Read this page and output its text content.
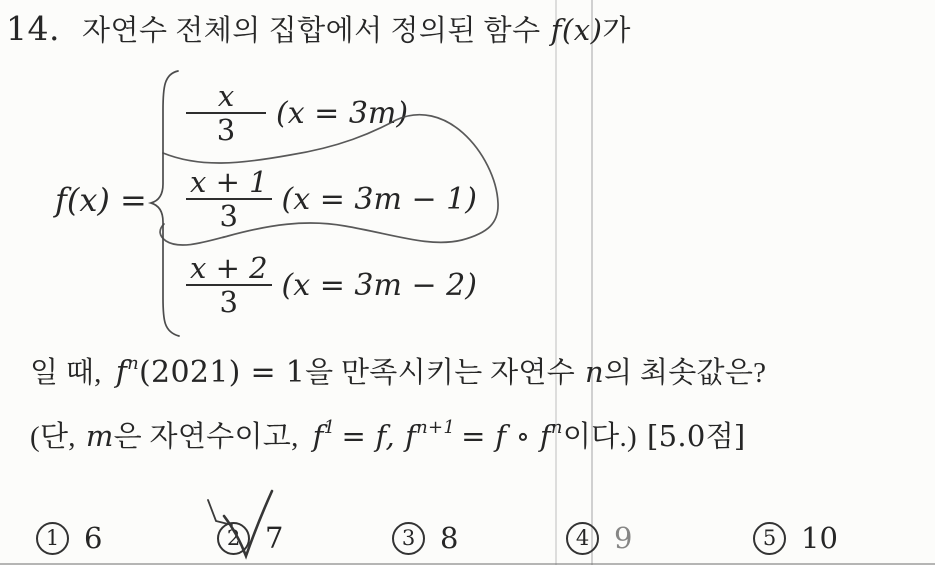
14. 자연수 전체의 집합에서 정의된 함수 f(x)가
f(x) =
$\frac{x}{3} (x = 3m)$
$\frac{x + 1}{3} (x = 3m - 1)$
$\frac{x + 2}{3} (x = 3m - 2)$
일 때, $f^n(2021) = 1$을 만족시키는 자연수 n의 최솟값은?
(단, m은 자연수이고, $f^1 = f$, $f^{n+1} = f$ ∘ $f^n$이다.) [5.0점]
1 6	2 7	3 8	4 9	5 10
